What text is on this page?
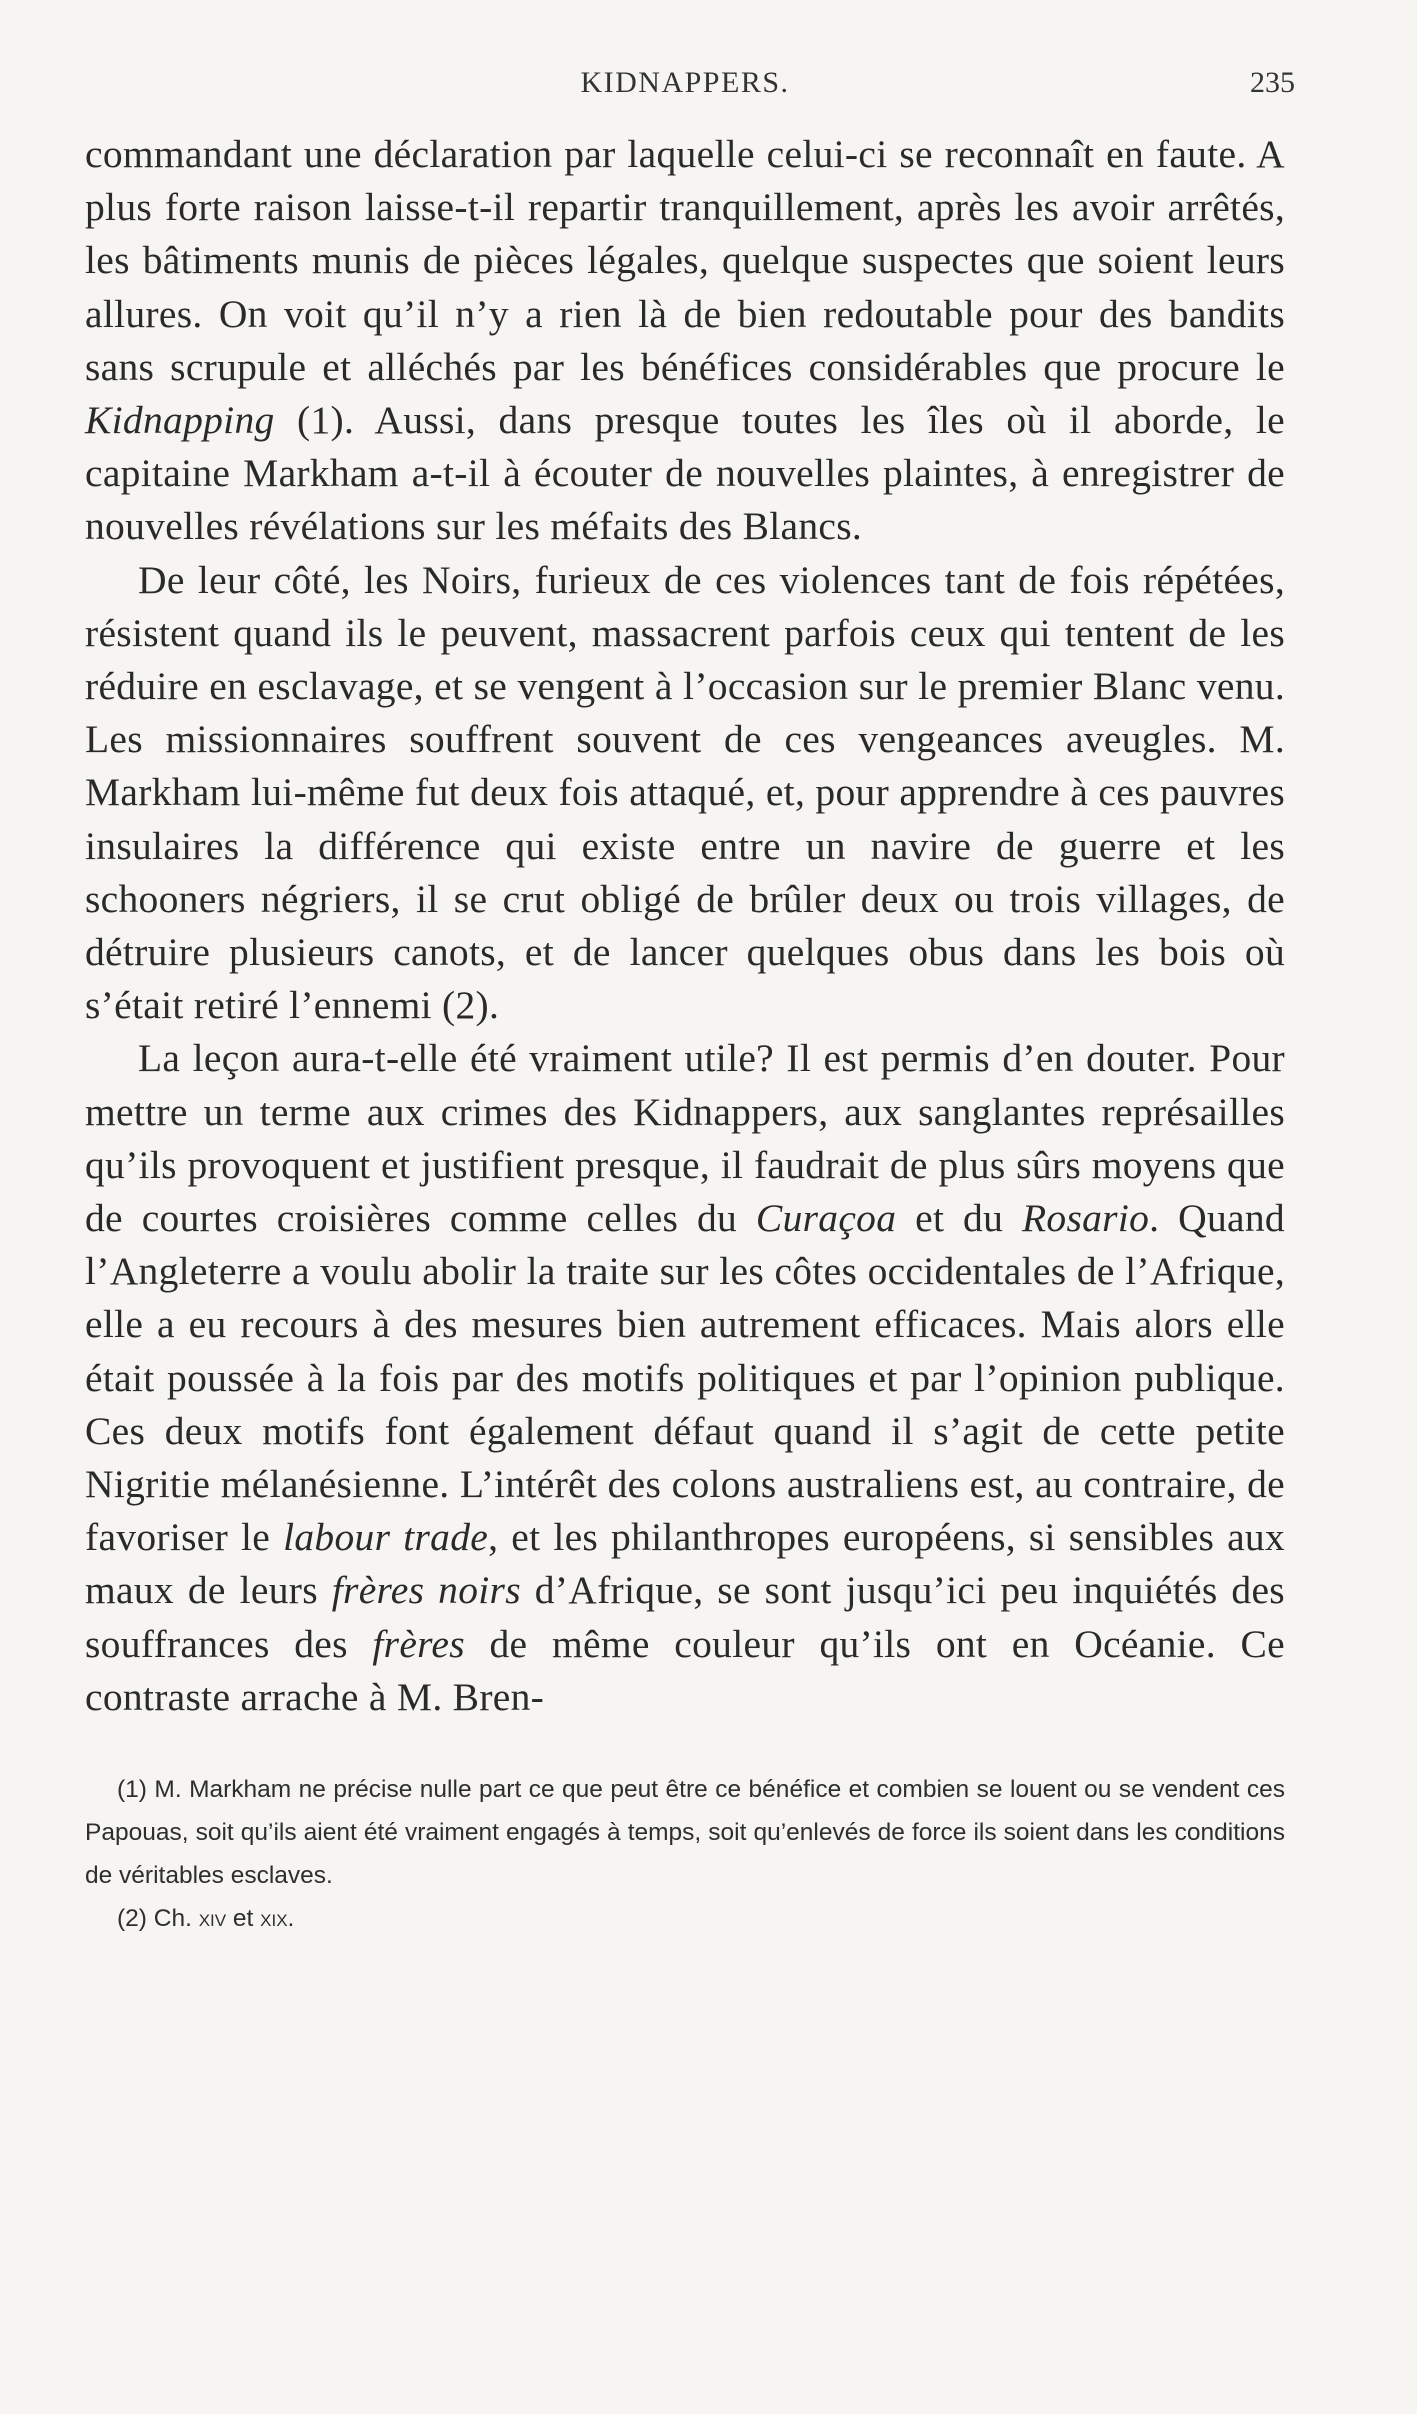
KIDNAPPERS.	235

commandant une déclaration par laquelle celui-ci se reconnaît en faute. A plus forte raison laisse-t-il repartir tranquillement, après les avoir arrêtés, les bâtiments munis de pièces légales, quelque suspectes que soient leurs allures. On voit qu’il n’y a rien là de bien redoutable pour des bandits sans scrupule et alléchés par les bénéfices considérables que procure le Kidnapping (1). Aussi, dans presque toutes les îles où il aborde, le capitaine Markham a-t-il à écouter de nouvelles plaintes, à enregistrer de nouvelles révélations sur les méfaits des Blancs.

De leur côté, les Noirs, furieux de ces violences tant de fois répétées, résistent quand ils le peuvent, massacrent parfois ceux qui tentent de les réduire en esclavage, et se vengent à l’occasion sur le premier Blanc venu. Les missionnaires souffrent souvent de ces vengeances aveugles. M. Markham lui-même fut deux fois attaqué, et, pour apprendre à ces pauvres insulaires la différence qui existe entre un navire de guerre et les schooners négriers, il se crut obligé de brûler deux ou trois villages, de détruire plusieurs canots, et de lancer quelques obus dans les bois où s’était retiré l’ennemi (2).

La leçon aura-t-elle été vraiment utile? Il est permis d’en douter. Pour mettre un terme aux crimes des Kidnappers, aux sanglantes représailles qu’ils provoquent et justifient presque, il faudrait de plus sûrs moyens que de courtes croisières comme celles du Curaçoa et du Rosario. Quand l’Angleterre a voulu abolir la traite sur les côtes occidentales de l’Afrique, elle a eu recours à des mesures bien autrement efficaces. Mais alors elle était poussée à la fois par des motifs politiques et par l’opinion publique. Ces deux motifs font également défaut quand il s’agit de cette petite Nigritie mélanésienne. L’intérêt des colons australiens est, au contraire, de favoriser le labour trade, et les philanthropes européens, si sensibles aux maux de leurs frères noirs d’Afrique, se sont jusqu’ici peu inquiétés des souffrances des frères de même couleur qu’ils ont en Océanie. Ce contraste arrache à M. Bren-

(1) M. Markham ne précise nulle part ce que peut être ce bénéfice et combien se louent ou se vendent ces Papouas, soit qu’ils aient été vraiment engagés à temps, soit qu’enlevés de force ils soient dans les conditions de véritables esclaves.

(2) Ch. xiv et xix.
